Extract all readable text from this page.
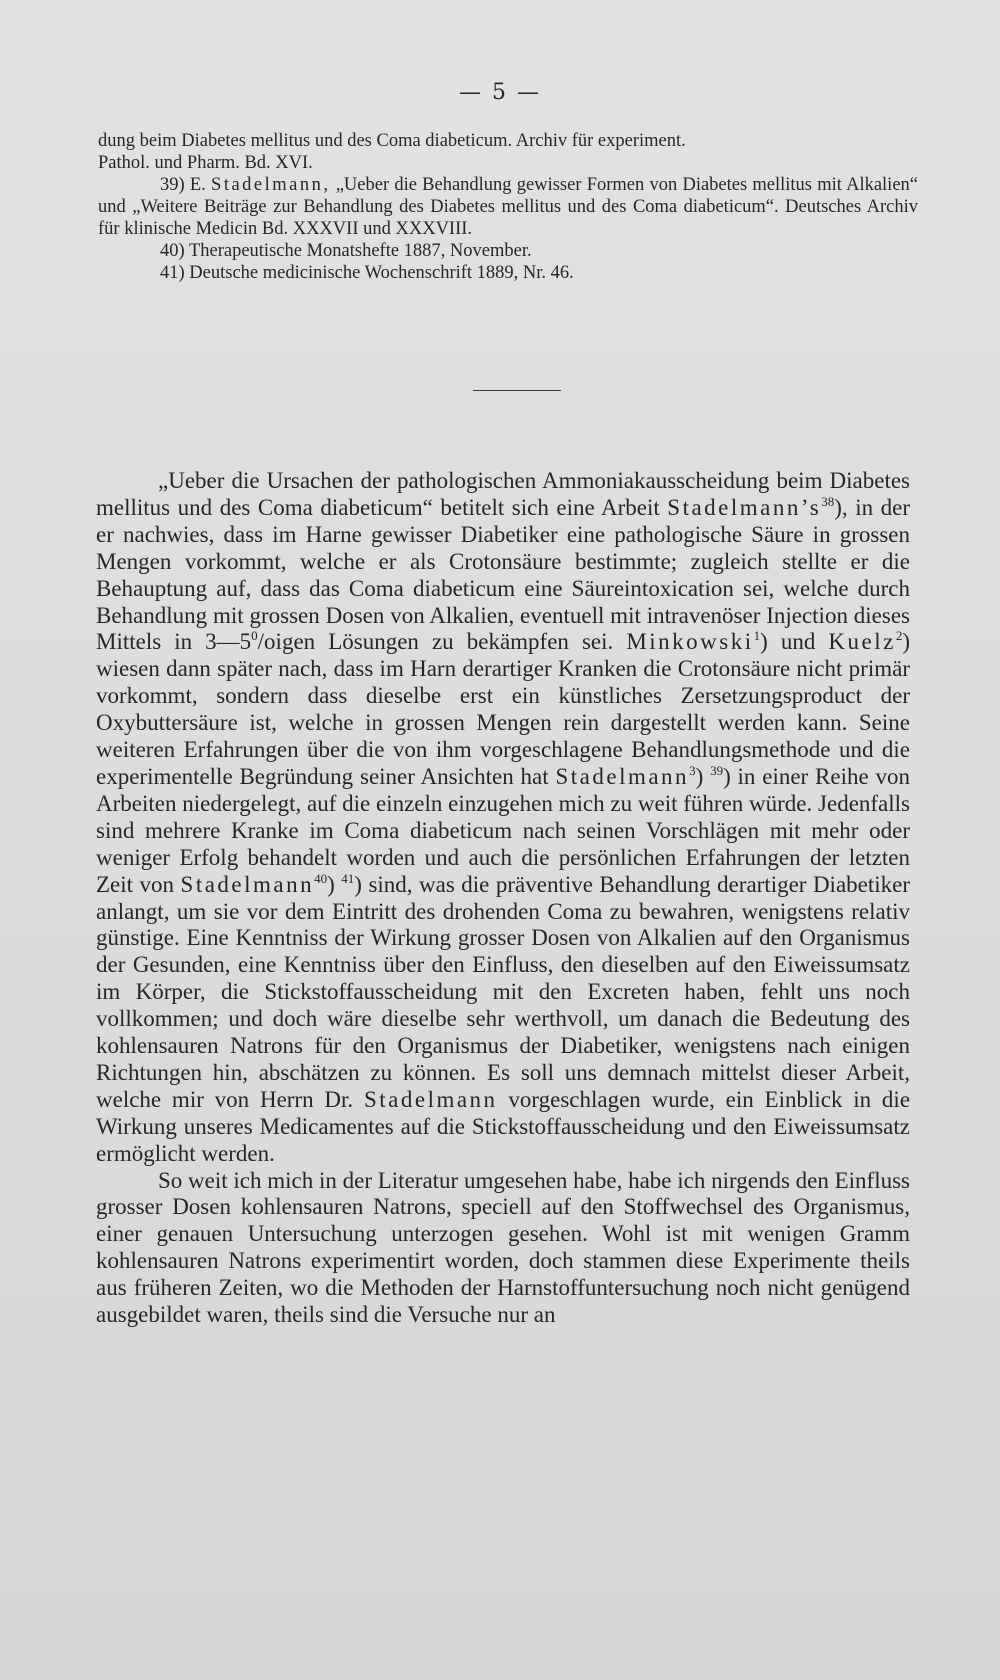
— 5 —

dung beim Diabetes mellitus und des Coma diabeticum. Archiv für experiment.
Pathol. und Pharm. Bd. XVI.

39) E. Stadelmann, „Ueber die Behandlung gewisser Formen von Diabetes mellitus mit Alkalien“ und „Weitere Beiträge zur Behandlung des Diabetes mellitus und des Coma diabeticum“. Deutsches Archiv für klinische Medicin Bd. XXXVII und XXXVIII.

40) Therapeutische Monatshefte 1887, November.

41) Deutsche medicinische Wochenschrift 1889, Nr. 46.

„Ueber die Ursachen der pathologischen Ammoniakausscheidung beim Diabetes mellitus und des Coma diabeticum“ betitelt sich eine Arbeit $Stadelmann’s^{38}$), in der er nachwies, dass im Harne gewisser Diabetiker eine pathologische Säure in grossen Mengen vorkommt, welche er als Crotonsäure bestimmte; zugleich stellte er die Behauptung auf, dass das Coma diabeticum eine Säureintoxication sei, welche durch Behandlung mit grossen Dosen von Alkalien, eventuell mit intravenöser Injection dieses Mittels in $3—5^0$/oigen Lösungen zu bekämpfen sei. Minkowski$^1$) und Kuelz$^2$) wiesen dann später nach, dass im Harn derartiger Kranken die Crotonsäure nicht primär vorkommt, sondern dass dieselbe erst ein künstliches Zersetzungsproduct der Oxybuttersäure ist, welche in grossen Mengen rein dargestellt werden kann. Seine weiteren Erfahrungen über die von ihm vorgeschlagene Behandlungsmethode und die experimentelle Begründung seiner Ansichten hat Stadelmann$^3$) $^{39}$) in einer Reihe von Arbeiten niedergelegt, auf die einzeln einzugehen mich zu weit führen würde. Jedenfalls sind mehrere Kranke im Coma diabeticum nach seinen Vorschlägen mit mehr oder weniger Erfolg behandelt worden und auch die persönlichen Erfahrungen der letzten Zeit von Stadelmann$^{40}$) $^{41}$) sind, was die präventive Behandlung derartiger Diabetiker anlangt, um sie vor dem Eintritt des drohenden Coma zu bewahren, wenigstens relativ günstige. Eine Kenntniss der Wirkung grosser Dosen von Alkalien auf den Organismus der Gesunden, eine Kenntniss über den Einfluss, den dieselben auf den Eiweissumsatz im Körper, die Stickstoffausscheidung mit den Excreten haben, fehlt uns noch vollkommen; und doch wäre dieselbe sehr werthvoll, um danach die Bedeutung des kohlensauren Natrons für den Organismus der Diabetiker, wenigstens nach einigen Richtungen hin, abschätzen zu können. Es soll uns demnach mittelst dieser Arbeit, welche mir von Herrn Dr. Stadelmann vorgeschlagen wurde, ein Einblick in die Wirkung unseres Medicamentes auf die Stickstoffausscheidung und den Eiweissumsatz ermöglicht werden.

So weit ich mich in der Literatur umgesehen habe, habe ich nirgends den Einfluss grosser Dosen kohlensauren Natrons, speciell auf den Stoffwechsel des Organismus, einer genauen Untersuchung unterzogen gesehen. Wohl ist mit wenigen Gramm kohlensauren Natrons experimentirt worden, doch stammen diese Experimente theils aus früheren Zeiten, wo die Methoden der Harnstoffuntersuchung noch nicht genügend ausgebildet waren, theils sind die Versuche nur an
